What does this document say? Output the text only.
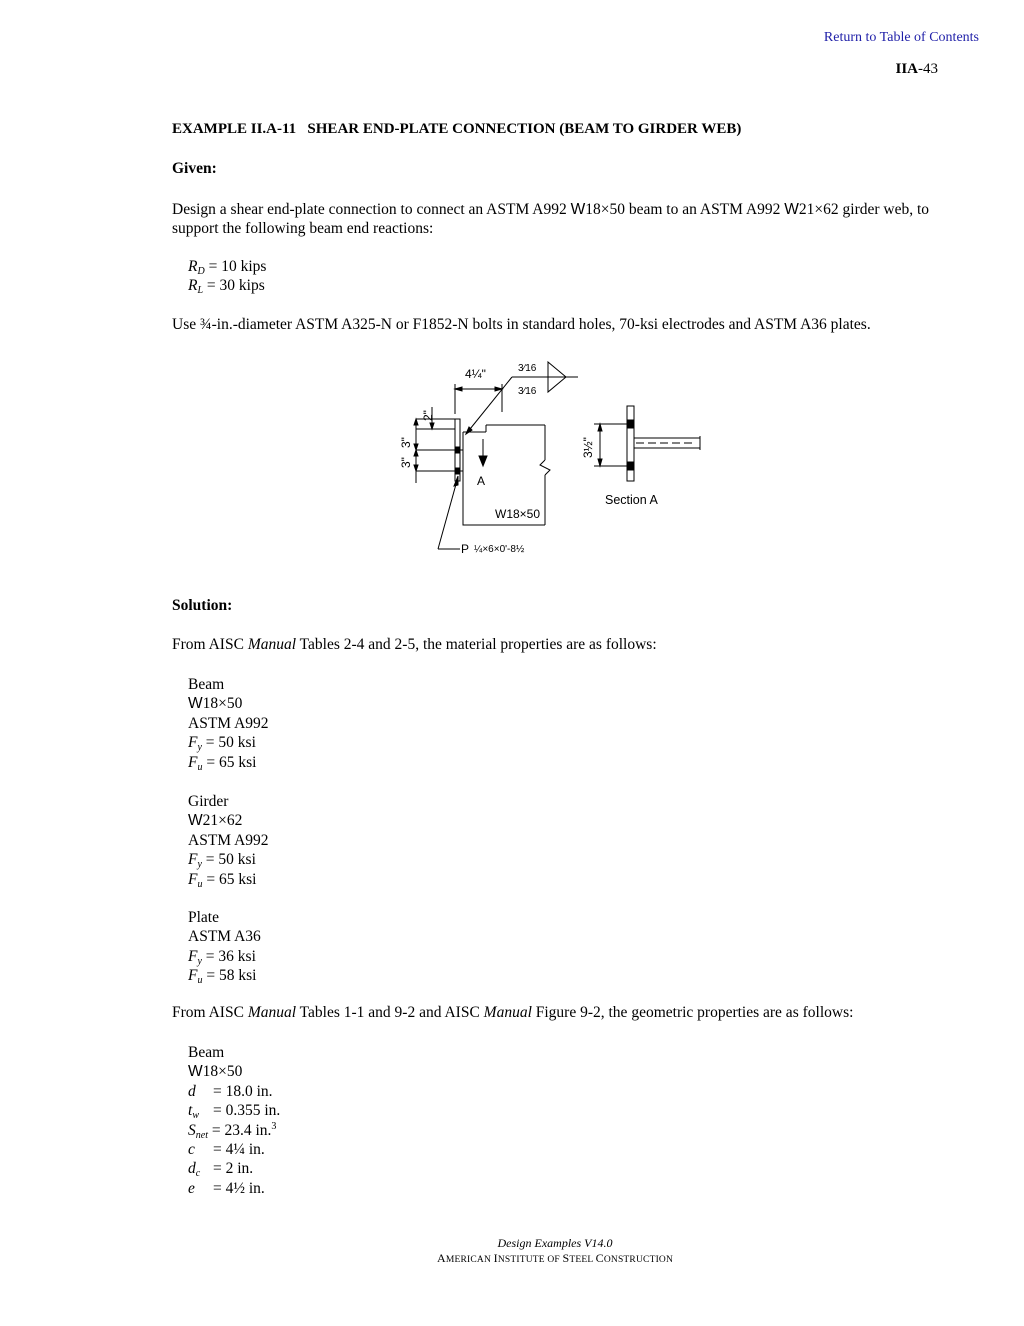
Return to Table of Contents
IIA-43
EXAMPLE II.A-11   SHEAR END-PLATE CONNECTION (BEAM TO GIRDER WEB)
Given:
Design a shear end-plate connection to connect an ASTM A992 W18×50 beam to an ASTM A992 W21×62 girder web, to support the following beam end reactions:
$R_D = 10$ kips
$R_L = 30$ kips
Use ¾-in.-diameter ASTM A325-N or F1852-N bolts in standard holes, 70-ksi electrodes and ASTM A36 plates.
4¼"	3⁄16
3⁄16
2"
3"
3"
A
W18×50
P ¼×6×0'-8½
3½"
Section A
Solution:
From AISC Manual Tables 2-4 and 2-5, the material properties are as follows:
Beam
W18×50
ASTM A992
$F_y = 50$ ksi
$F_u = 65$ ksi
Girder
W21×62
ASTM A992
$F_y = 50$ ksi
$F_u = 65$ ksi
Plate
ASTM A36
$F_y = 36$ ksi
$F_u = 58$ ksi
From AISC Manual Tables 1-1 and 9-2 and AISC Manual Figure 9-2, the geometric properties are as follows:
Beam
W18×50
d = 18.0 in.
$t_w = 0.355$ in.
$S_{net} = 23.4$ in.$^3$
c = 4¼ in.
$d_c = 2$ in.
e = 4½ in.
Design Examples V14.0
AMERICAN INSTITUTE OF STEEL CONSTRUCTION
